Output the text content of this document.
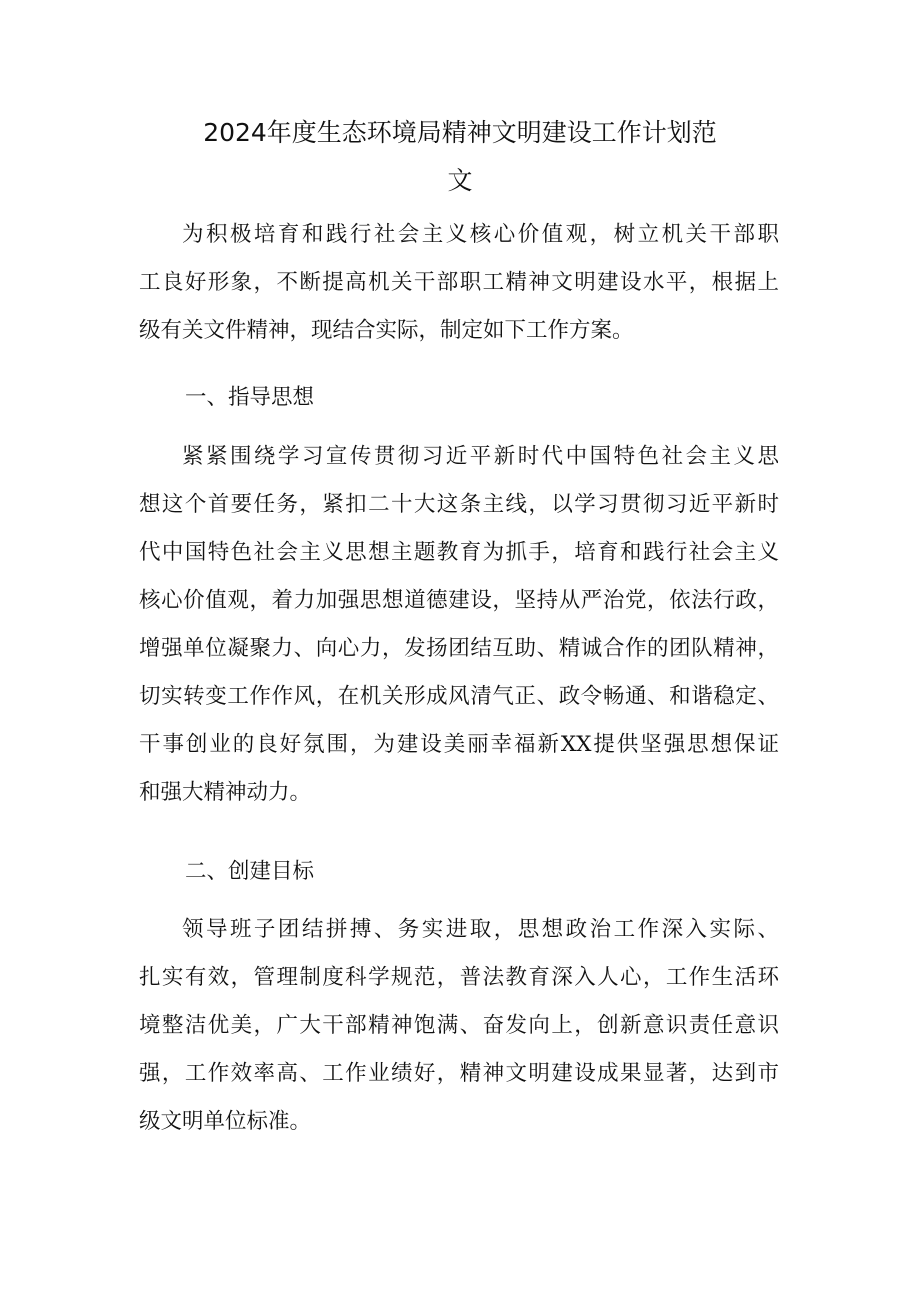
2024年度生态环境局精神文明建设工作计划范
文

为积极培育和践行社会主义核心价值观，树立机关干部职
工良好形象，不断提高机关干部职工精神文明建设水平，根据上
级有关文件精神，现结合实际，制定如下工作方案。

一、指导思想

紧紧围绕学习宣传贯彻习近平新时代中国特色社会主义思
想这个首要任务，紧扣二十大这条主线，以学习贯彻习近平新时
代中国特色社会主义思想主题教育为抓手，培育和践行社会主义
核心价值观，着力加强思想道德建设，坚持从严治党，依法行政，
增强单位凝聚力、向心力，发扬团结互助、精诚合作的团队精神，
切实转变工作作风，在机关形成风清气正、政令畅通、和谐稳定、
干事创业的良好氛围，为建设美丽幸福新XX提供坚强思想保证
和强大精神动力。

二、创建目标

领导班子团结拼搏、务实进取，思想政治工作深入实际、
扎实有效，管理制度科学规范，普法教育深入人心，工作生活环
境整洁优美，广大干部精神饱满、奋发向上，创新意识责任意识
强，工作效率高、工作业绩好，精神文明建设成果显著，达到市
级文明单位标准。
